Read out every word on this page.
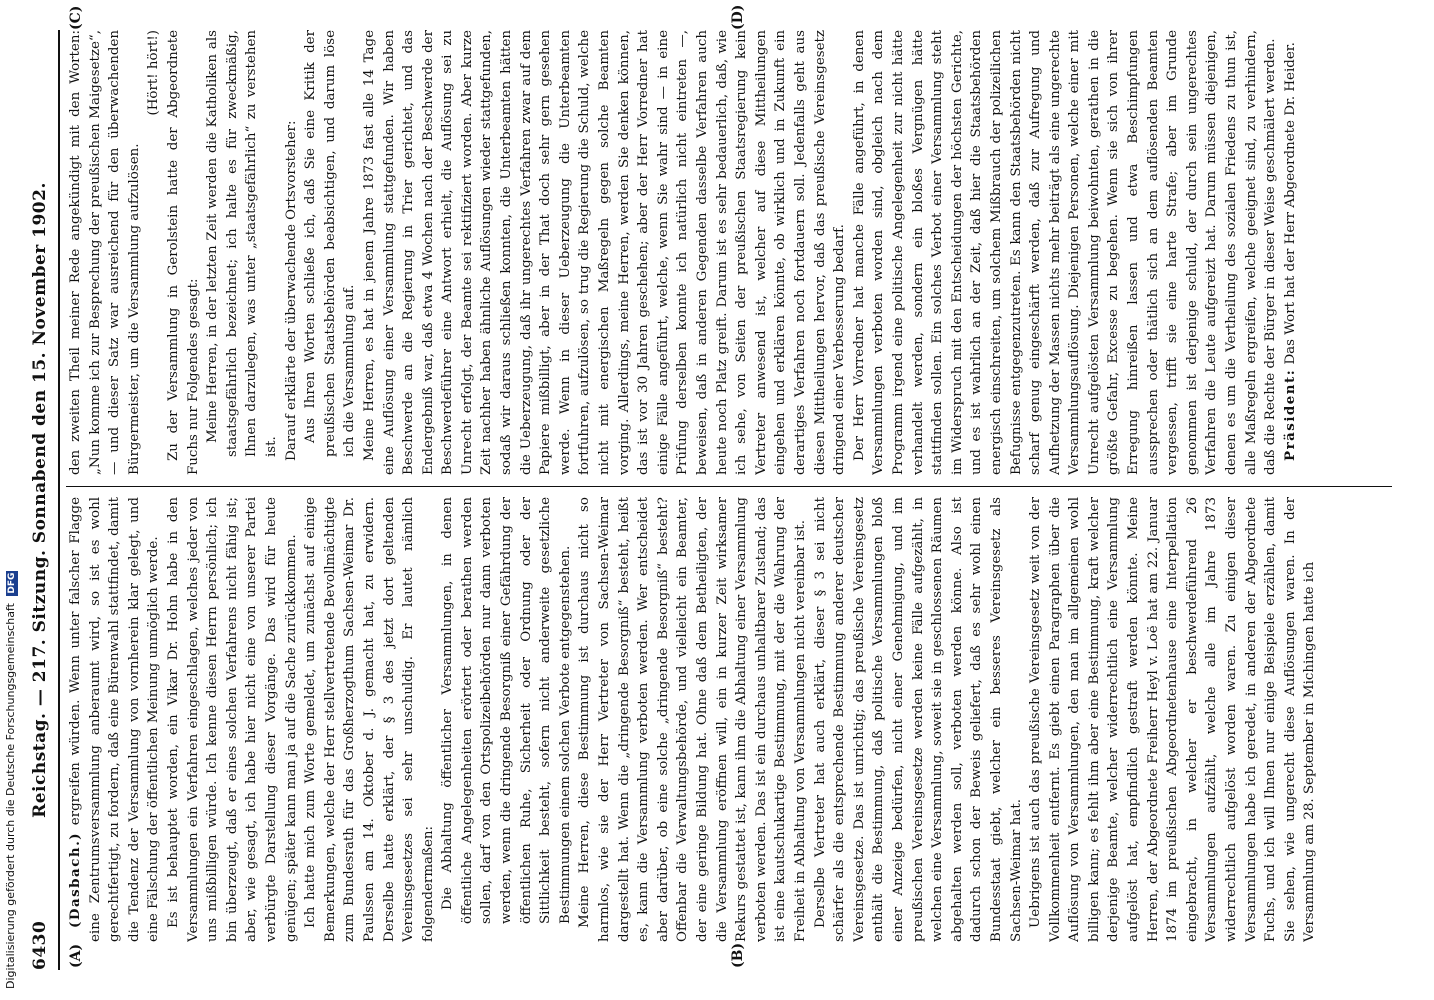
6430
Reichstag. — 217. Sitzung. Sonnabend den 15. November 1902.
(A)	(B)
(C)	(D)

(Dasbach.) ergreifen würden. Wenn unter falscher Flagge eine Zentrumsversammlung anberaumt wird, so ist es wohl gerechtfertigt, zu fordern, daß eine Bürenwahl stattfindet, damit die Tendenz der Versammlung von vornherein klar gelegt, und eine Fälschung der öffentlichen Meinung unmöglich werde. Es ist behauptet worden, ein Vikar Dr. Hohn habe in den Versammlungen ein Verfahren eingeschlagen, welches jeder von uns mißbilligen würde. Ich kenne diesen Herrn persönlich; ich bin überzeugt, daß er eines solchen Verfahrens nicht fähig ist; aber, wie gesagt, ich habe hier nicht eine von unserer Partei verbürgte Darstellung dieser Vorgänge. Das wird für heute genügen; später kann man ja auf die Sache zurückkommen. Ich hatte mich zum Worte gemeldet, um zunächst auf einige Bemerkungen, welche der Herr stellvertretende Bevollmächtigte zum Bundesrath für das Großherzogthum Sachsen-Weimar Dr. Paulssen am 14. Oktober d. J. gemacht hat, zu erwidern. Derselbe hatte erklärt, der § 3 des jetzt dort geltenden Vereinsgesetzes sei sehr unschuldig. Er lautet nämlich folgendermaßen: Die Abhaltung öffentlicher Versammlungen, in denen öffentliche Angelegenheiten erörtert oder berathen werden sollen, darf von den Ortspolizeibehörden nur dann verboten werden, wenn die dringende Besorgniß einer Gefährdung der öffentlichen Ruhe, Sicherheit oder Ordnung oder der Sittlichkeit besteht, sofern nicht anderweite gesetzliche Bestimmungen einem solchen Verbote entgegenstehen. Meine Herren, diese Bestimmung ist durchaus nicht so harmlos, wie sie der Herr Vertreter von Sachsen-Weimar dargestellt hat. Wenn die „dringende Besorgniß“ besteht, heißt es, kann die Versammlung verboten werden. Wer entscheidet aber darüber, ob eine solche „dringende Besorgniß“ besteht? Offenbar die Verwaltungsbehörde, und vielleicht ein Beamter, der eine geringe Bildung hat. Ohne daß dem Betheiligten, der die Versammlung eröffnen will, ein in kurzer Zeit wirksamer Rekurs gestattet ist, kann ihm die Abhaltung einer Versammlung verboten werden. Das ist ein durchaus unhaltbarer Zustand; das ist eine kautschukartige Bestimmung, mit der die Wahrung der Freiheit in Abhaltung von Versammlungen nicht vereinbar ist. Derselbe Vertreter hat auch erklärt, dieser § 3 sei nicht schärfer als die entsprechende Bestimmung anderer deutscher Vereinsgesetze. Das ist unrichtig; das preußische Vereinsgesetz enthält die Bestimmung, daß politische Versammlungen bloß einer Anzeige bedürfen, nicht einer Genehmigung, und im preußischen Vereinsgesetze werden keine Fälle aufgezählt, in welchen eine Versammlung, soweit sie in geschlossenen Räumen abgehalten werden soll, verboten werden könne. Also ist dadurch schon der Beweis geliefert, daß es sehr wohl einen Bundesstaat giebt, welcher ein besseres Vereinsgesetz als Sachsen-Weimar hat. Uebrigens ist auch das preußische Vereinsgesetz weit von der Vollkommenheit entfernt. Es giebt einen Paragraphen über die Auflösung von Versammlungen, den man im allgemeinen wohl billigen kann; es fehlt ihm aber eine Bestimmung, kraft welcher derjenige Beamte, welcher widerrechtlich eine Versammlung aufgelöst hat, empfindlich gestraft werden könnte. Meine Herren, der Abgeordnete Freiherr Heyl v. Loë hat am 22. Januar 1874 im preußischen Abgeordnetenhause eine Interpellation eingebracht, in welcher er beschwerdeführend 26 Versammlungen aufzählt, welche alle im Jahre 1873 widerrechtlich aufgelöst worden waren. Zu einigen dieser Versammlungen habe ich geredet, in anderen der Abgeordnete Fuchs, und ich will Ihnen nur einige Beispiele erzählen, damit Sie sehen, wie ungerecht diese Auflösungen waren. In der Versammlung am 28. September in Michingen hatte ich

den zweiten Theil meiner Rede angekündigt mit den Worten: „Nun komme ich zur Besprechung der preußischen Maigesetze“, — und dieser Satz war ausreichend für den überwachenden Bürgermeister, um die Versammlung aufzulösen.

(Hört! hört!) Zu der Versammlung in Gerolstein hatte der Abgeordnete Fuchs nur Folgendes gesagt: Meine Herren, in der letzten Zeit werden die Katholiken als staatsgefährlich bezeichnet; ich halte es für zweckmäßig, Ihnen darzulegen, was unter „staatsgefährlich“ zu verstehen ist. Darauf erklärte der überwachende Ortsvorsteher: Aus Ihren Worten schließe ich, daß Sie eine Kritik der preußischen Staatsbehörden beabsichtigen, und darum löse ich die Versammlung auf. Meine Herren, es hat in jenem Jahre 1873 fast alle 14 Tage eine Auflösung einer Versammlung stattgefunden. Wir haben Beschwerde an die Regierung in Trier gerichtet, und das Endergebniß war, daß etwa 4 Wochen nach der Beschwerde der Beschwerdeführer eine Antwort erhielt, die Auflösung sei zu Unrecht erfolgt, der Beamte sei rektifiziert worden. Aber kurze Zeit nachher haben ähnliche Auflösungen wieder stattgefunden, sodaß wir daraus schließen konnten, die Unterbeamten hätten die Ueberzeugung, daß ihr ungerechtes Verfahren zwar auf dem Papiere mißbilligt, aber in der That doch sehr gern gesehen werde. Wenn in dieser Ueberzeugung die Unterbeamten fortfuhren, aufzulösen, so trug die Regierung die Schuld, welche nicht mit energischen Maßregeln gegen solche Beamten vorging. Allerdings, meine Herren, werden Sie denken können, das ist vor 30 Jahren geschehen; aber der Herr Vorredner hat einige Fälle angeführt, welche, wenn Sie wahr sind — in eine Prüfung derselben konnte ich natürlich nicht eintreten —, beweisen, daß in anderen Gegenden dasselbe Verfahren auch heute noch Platz greift. Darum ist es sehr bedauerlich, daß, wie ich sehe, von Seiten der preußischen Staatsregierung kein Vertreter anwesend ist, welcher auf diese Mittheilungen eingehen und erklären könnte, ob wirklich und in Zukunft ein derartiges Verfahren noch fortdauern soll. Jedenfalls geht aus diesen Mittheilungen hervor, daß das preußische Vereinsgesetz dringend einer Verbesserung bedarf. Der Herr Vorredner hat manche Fälle angeführt, in denen Versammlungen verboten worden sind, obgleich nach dem Programm irgend eine politische Angelegenheit zur nicht hätte verhandelt werden, sondern ein bloßes Vergnügen hätte stattfinden sollen. Ein solches Verbot einer Versammlung steht im Widerspruch mit den Entscheidungen der höchsten Gerichte, und es ist wahrlich an der Zeit, daß hier die Staatsbehörden energisch einschreiten, um solchem Mißbrauch der polizeilichen Befugnisse entgegenzutreten. Es kann den Staatsbehörden nicht scharf genug eingeschärft werden, daß zur Aufregung und Aufhetzung der Massen nichts mehr beiträgt als eine ungerechte Versammlungsauflösung. Diejenigen Personen, welche einer mit Unrecht aufgelösten Versammlung beiwohnten, gerathen in die größte Gefahr, Excesse zu begehen. Wenn sie sich von ihrer Erregung hinreißen lassen und etwa Beschimpfungen aussprechen oder thätlich sich an dem auflösenden Beamten vergessen, trifft sie eine harte Strafe; aber im Grunde genommen ist derjenige schuld, der durch sein ungerechtes Verfahren die Leute aufgereizt hat. Darum müssen diejenigen, denen es um die Vertheilung des sozialen Friedens zu thun ist, alle Maßregeln ergreifen, welche geeignet sind, zu verhindern, daß die Rechte der Bürger in dieser Weise geschmälert werden. Präsident: Das Wort hat der Herr Abgeordnete Dr. Heider.

Digitalisierung gefördert durch die Deutsche Forschungsgemeinschaft DFG
